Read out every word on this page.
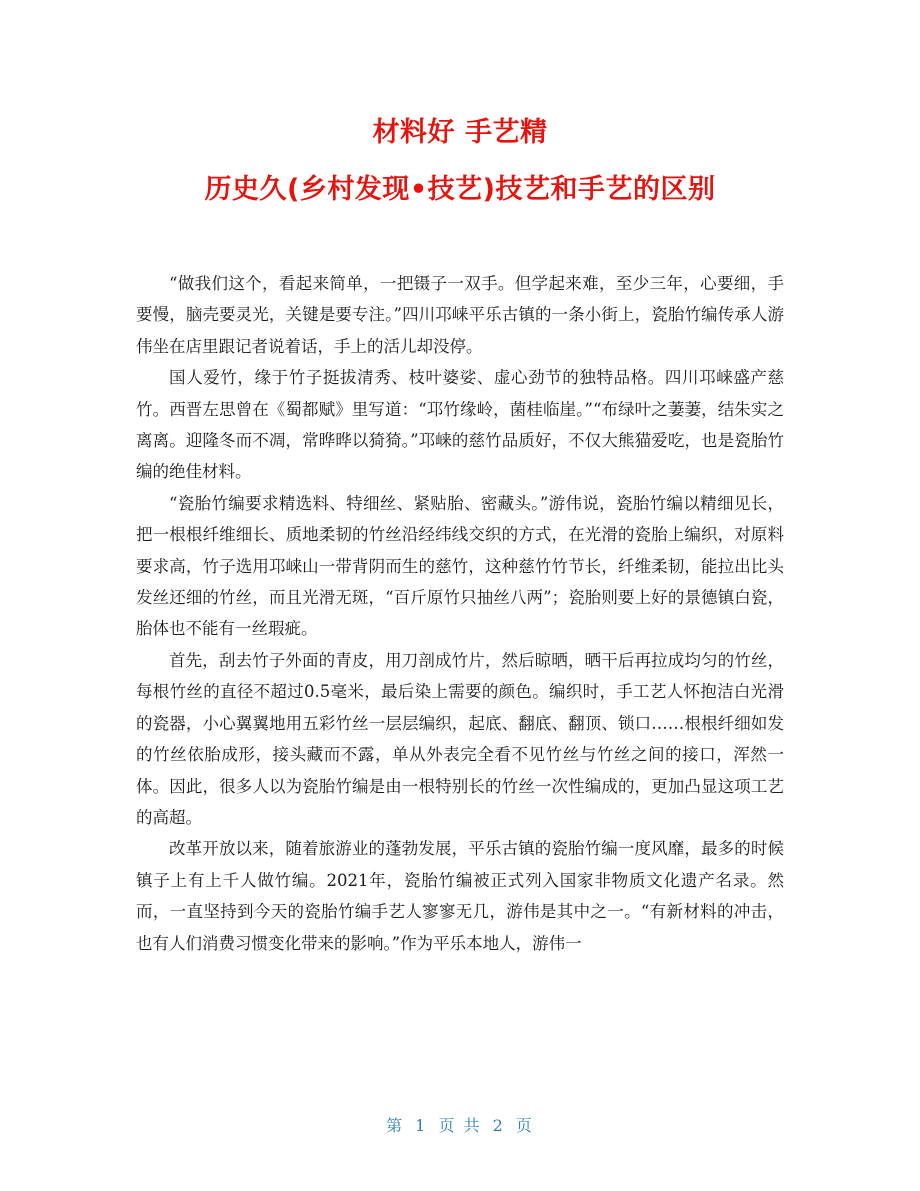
材料好 手艺精
历史久(乡村发现•技艺)技艺和手艺的区别

“做我们这个，看起来简单，一把镊子一双手。但学起来难，至少三年，心要细，手要慢，脑壳要灵光，关键是要专注。”四川邛崃平乐古镇的一条小街上，瓷胎竹编传承人游伟坐在店里跟记者说着话，手上的活儿却没停。

国人爱竹，缘于竹子挺拔清秀、枝叶婆娑、虚心劲节的独特品格。四川邛崃盛产慈竹。西晋左思曾在《蜀都赋》里写道：“邛竹缘岭，菌桂临崖。”“布绿叶之萋萋，结朱实之离离。迎隆冬而不凋，常晔晔以猗猗。”邛崃的慈竹品质好，不仅大熊猫爱吃，也是瓷胎竹编的绝佳材料。

“瓷胎竹编要求精选料、特细丝、紧贴胎、密藏头。”游伟说，瓷胎竹编以精细见长，把一根根纤维细长、质地柔韧的竹丝沿经纬线交织的方式，在光滑的瓷胎上编织，对原料要求高，竹子选用邛崃山一带背阴而生的慈竹，这种慈竹竹节长，纤维柔韧，能拉出比头发丝还细的竹丝，而且光滑无斑，“百斤原竹只抽丝八两”；瓷胎则要上好的景德镇白瓷，胎体也不能有一丝瑕疵。

首先，刮去竹子外面的青皮，用刀剖成竹片，然后晾晒，晒干后再拉成均匀的竹丝，每根竹丝的直径不超过0.5毫米，最后染上需要的颜色。编织时，手工艺人怀抱洁白光滑的瓷器，小心翼翼地用五彩竹丝一层层编织，起底、翻底、翻顶、锁口……根根纤细如发的竹丝依胎成形，接头藏而不露，单从外表完全看不见竹丝与竹丝之间的接口，浑然一体。因此，很多人以为瓷胎竹编是由一根特别长的竹丝一次性编成的，更加凸显这项工艺的高超。

改革开放以来，随着旅游业的蓬勃发展，平乐古镇的瓷胎竹编一度风靡，最多的时候镇子上有上千人做竹编。2021年，瓷胎竹编被正式列入国家非物质文化遗产名录。然而，一直坚持到今天的瓷胎竹编手艺人寥寥无几，游伟是其中之一。“有新材料的冲击，也有人们消费习惯变化带来的影响。”作为平乐本地人，游伟一

第 1 页 共 2 页
